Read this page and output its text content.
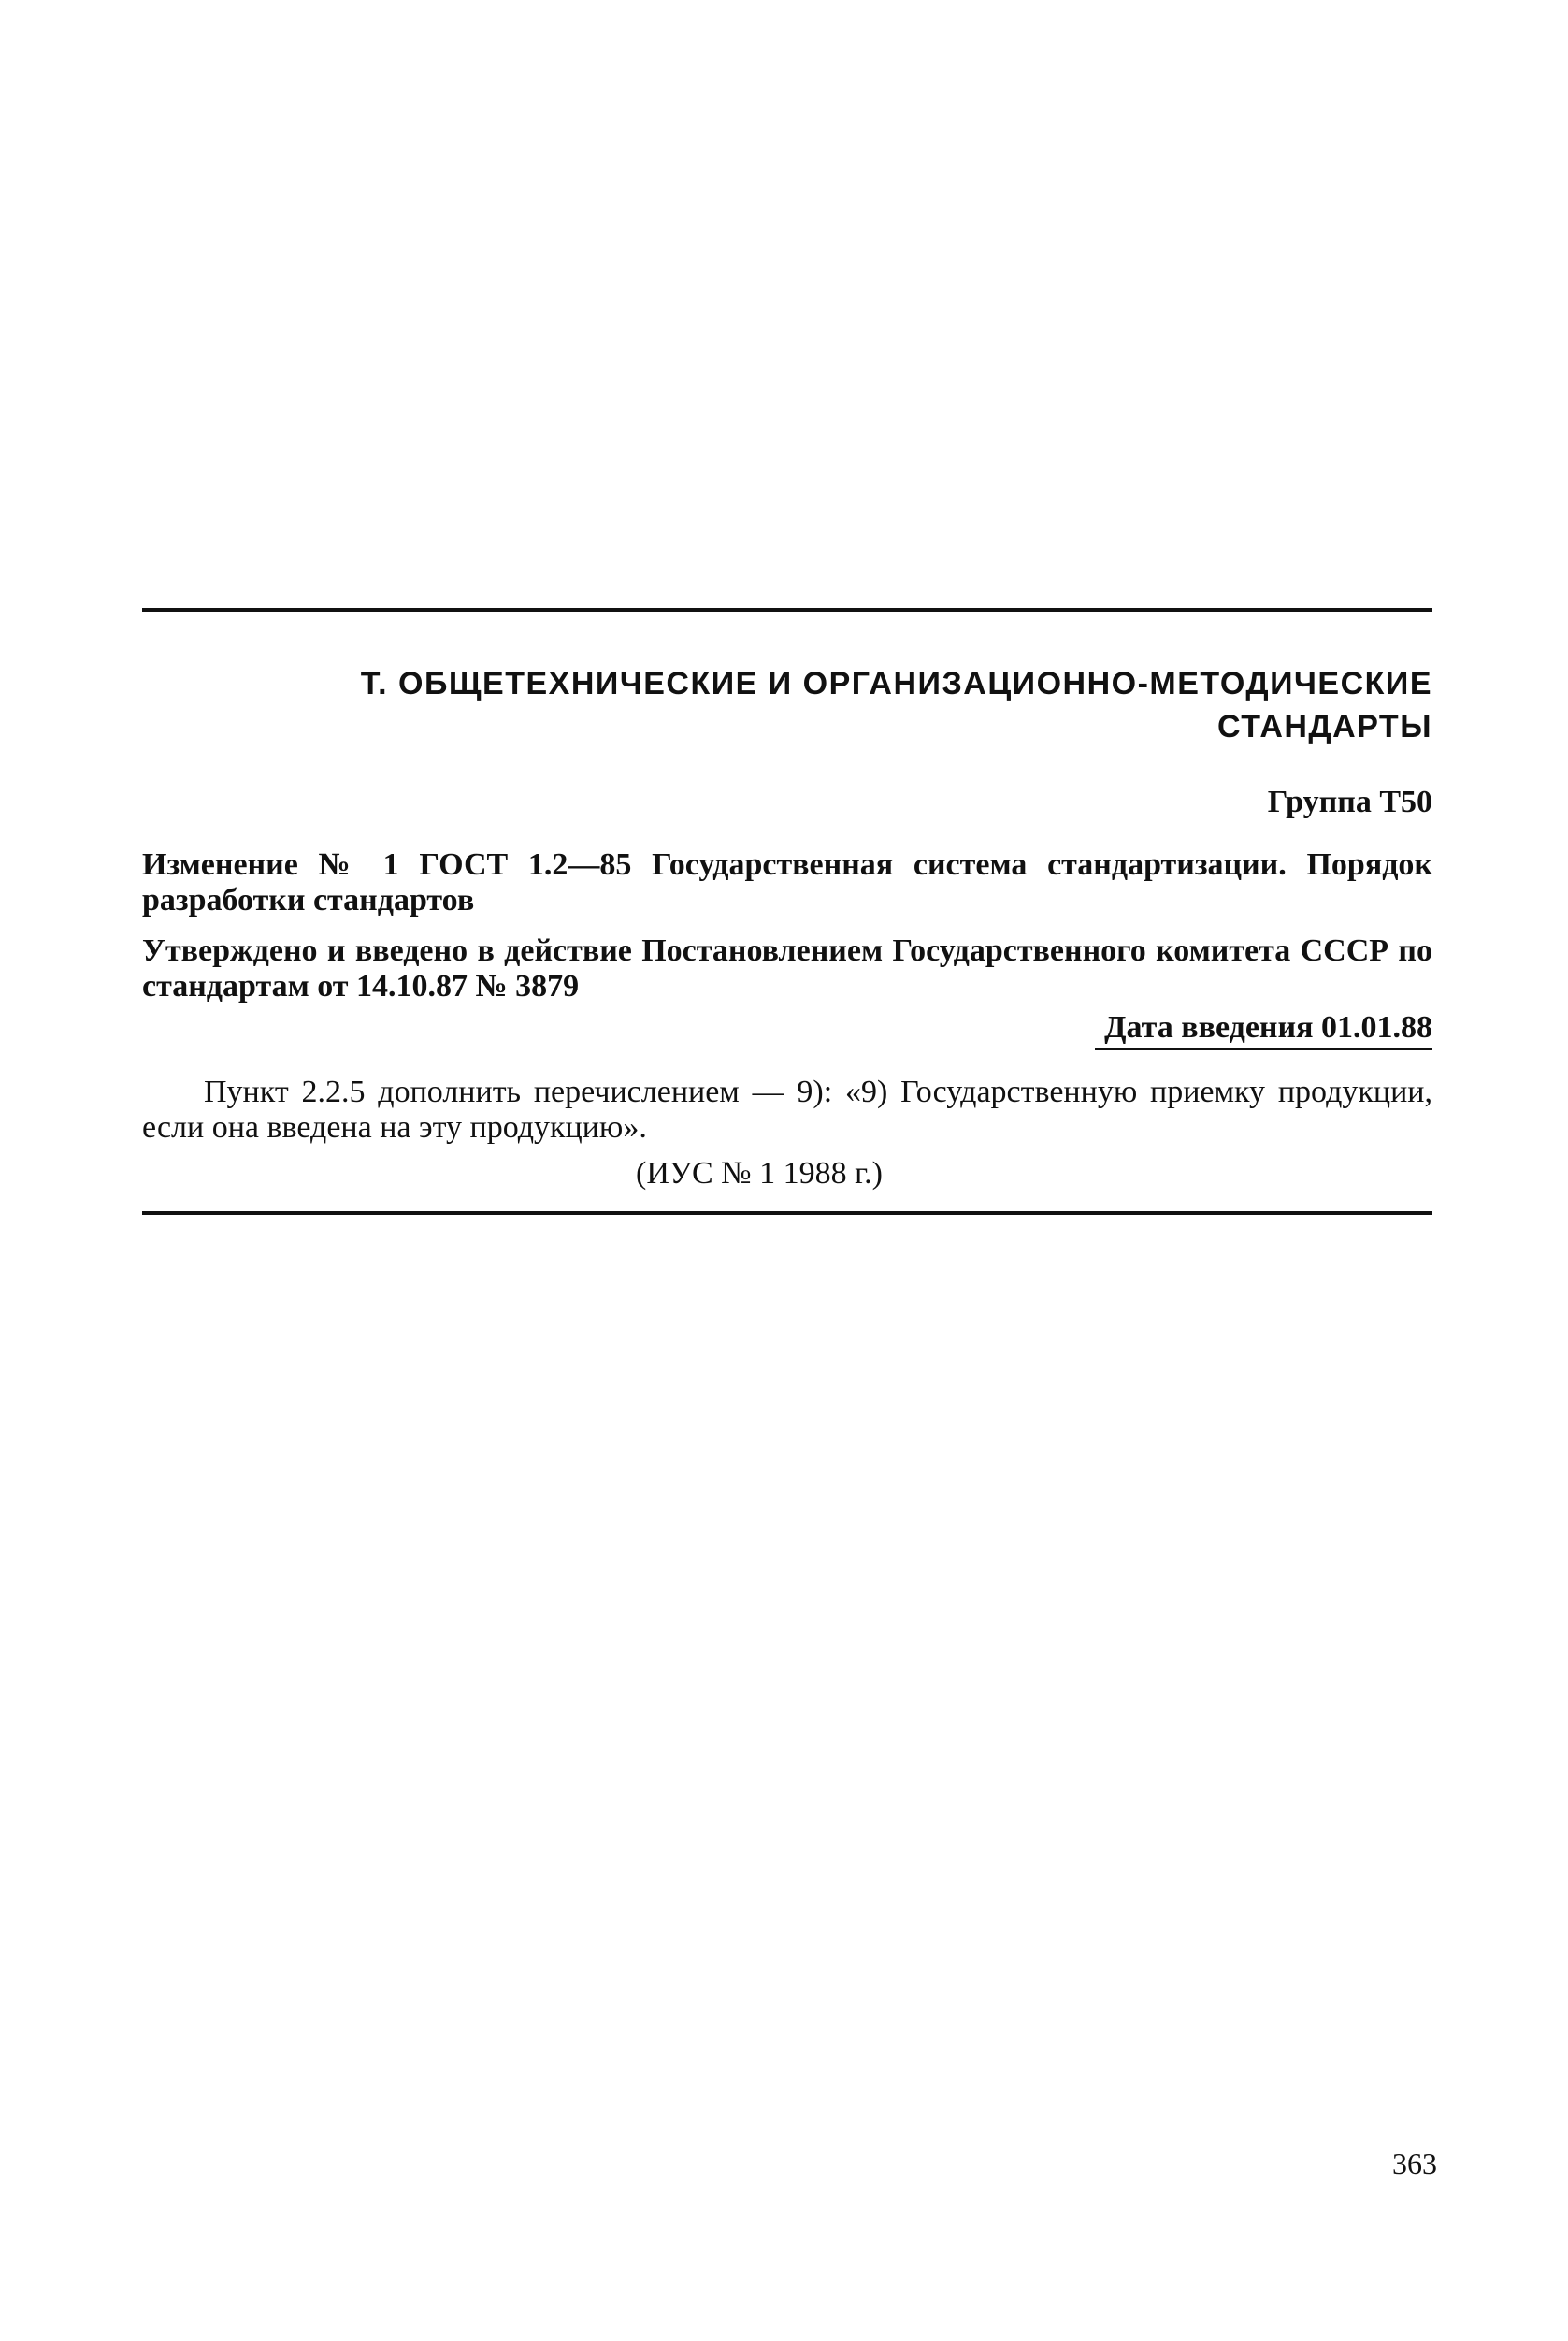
Т. ОБЩЕТЕХНИЧЕСКИЕ И ОРГАНИЗАЦИОННО-МЕТОДИЧЕСКИЕ
СТАНДАРТЫ
Группа Т50
Изменение № 1 ГОСТ 1.2—85 Государственная система стандартизации. Порядок разработки стандартов
Утверждено и введено в действие Постановлением Государственного комитета СССР по стандартам от 14.10.87 № 3879
Дата введения 01.01.88
Пункт 2.2.5 дополнить перечислением — 9): «9) Государственную приемку продукции, если она введена на эту продукцию».
(ИУС № 1 1988 г.)
363
